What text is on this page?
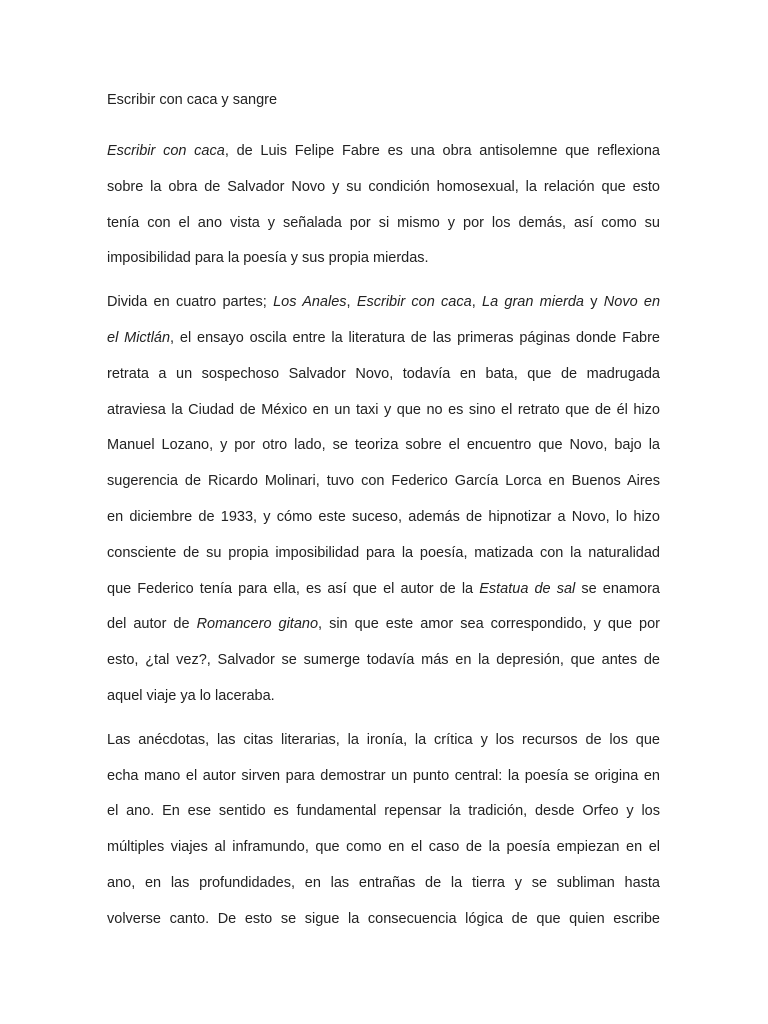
Escribir con caca y sangre
Escribir con caca, de Luis Felipe Fabre es una obra antisolemne que reflexiona
sobre la obra de Salvador Novo y su condición homosexual, la relación que esto
tenía con el ano vista y señalada por si mismo y por los demás, así como su
imposibilidad para la poesía y sus propia mierdas.
Divida en cuatro partes; Los Anales, Escribir con caca, La gran mierda y Novo en
el Mictlán, el ensayo oscila entre la literatura de las primeras páginas donde Fabre
retrata a un sospechoso Salvador Novo, todavía en bata, que de madrugada
atraviesa la Ciudad de México en un taxi y que no es sino el retrato que de él hizo
Manuel Lozano, y por otro lado, se teoriza sobre el encuentro que Novo, bajo la
sugerencia de Ricardo Molinari, tuvo con Federico García Lorca en Buenos Aires
en diciembre de 1933, y cómo este suceso, además de hipnotizar a Novo, lo hizo
consciente de su propia imposibilidad para la poesía, matizada con la naturalidad
que Federico tenía para ella, es así que el autor de la Estatua de sal se enamora
del autor de Romancero gitano, sin que este amor sea correspondido, y que por
esto, ¿tal vez?, Salvador se sumerge todavía más en la depresión, que antes de
aquel viaje ya lo laceraba.
Las anécdotas, las citas literarias, la ironía, la crítica y los recursos de los que
echa mano el autor sirven para demostrar un punto central: la poesía se origina en
el ano. En ese sentido es fundamental repensar la tradición, desde Orfeo y los
múltiples viajes al inframundo, que como en el caso de la poesía empiezan en el
ano, en las profundidades, en las entrañas de la tierra y se subliman hasta
volverse canto. De esto se sigue la consecuencia lógica de que quien escribe
